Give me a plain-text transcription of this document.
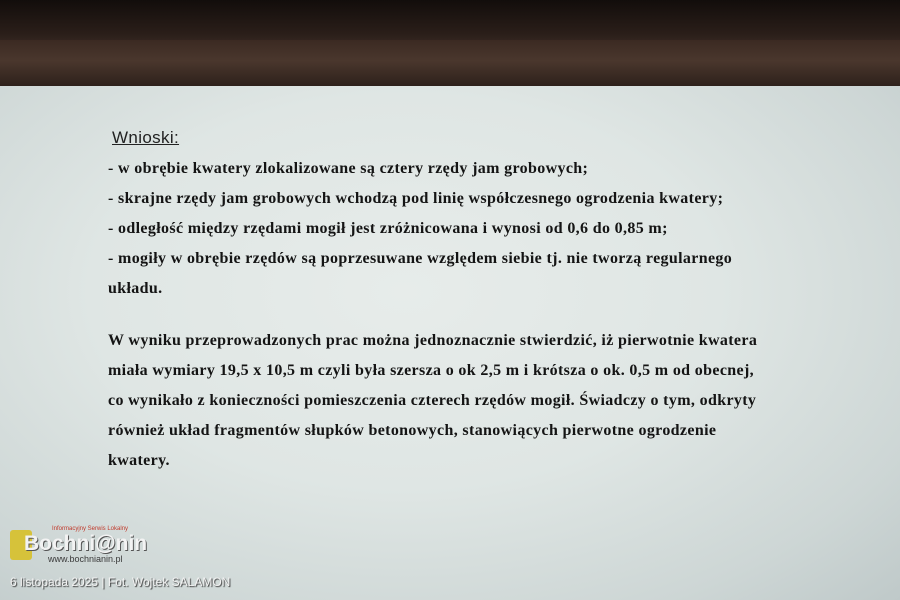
Wnioski:
- w obrębie kwatery zlokalizowane są cztery rzędy jam grobowych;
- skrajne rzędy jam grobowych wchodzą pod linię współczesnego ogrodzenia kwatery;
- odległość między rzędami mogił jest zróżnicowana i wynosi od 0,6 do 0,85 m;
- mogiły w obrębie rzędów są poprzesuwane względem siebie tj. nie tworzą regularnego
układu.
W wyniku przeprowadzonych prac można jednoznacznie stwierdzić, iż pierwotnie kwatera
miała wymiary 19,5 x 10,5 m czyli była szersza o ok 2,5 m i krótsza o ok. 0,5 m od obecnej,
co wynikało z konieczności pomieszczenia czterech rzędów mogił. Świadczy o tym, odkryty
również układ fragmentów słupków betonowych, stanowiących pierwotne ogrodzenie
kwatery.
Informacyjny Serwis Lokalny
Bochni@nin
www.bochnianin.pl
6 listopada 2025 | Fot. Wojtek SALAMON
